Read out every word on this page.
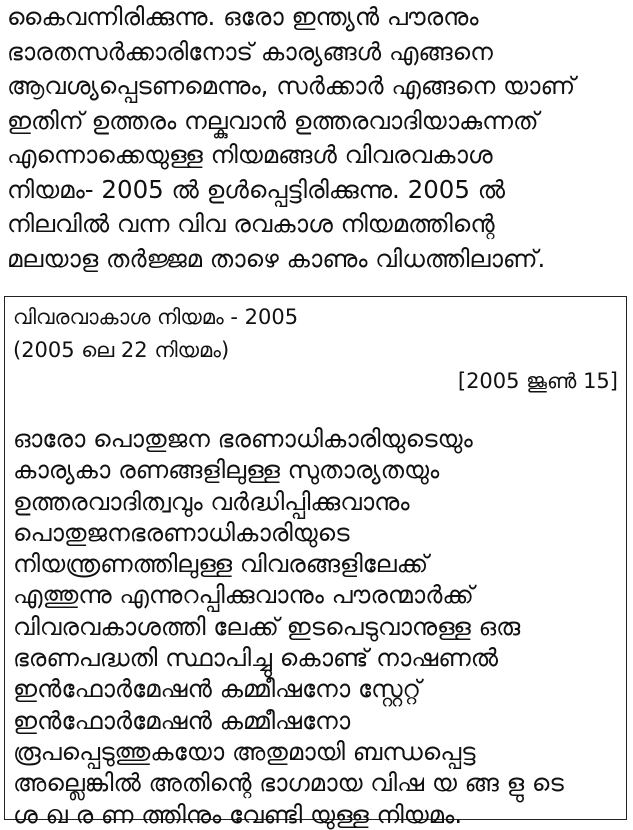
കൈവന്നിരിക്കുന്നു. ഒരോ ഇന്ത്യൻ പൗരനും
ഭാരതസർക്കാരിനോട് കാര്യങ്ങൾ എങ്ങനെ
ആവശ്യപ്പെടണമെന്നും, സർക്കാർ എങ്ങനെ യാണ്
ഇതിന് ഉത്തരം നല്കുവാൻ ഉത്തരവാദിയാകുന്നത്
എന്നൊക്കെയുള്ള നിയമങ്ങൾ വിവരവകാശ
നിയമം- 2005 ൽ ഉൾപ്പെട്ടിരിക്കുന്നു. 2005 ൽ
നിലവിൽ വന്ന വിവ രവകാശ നിയമത്തിന്റെ
മലയാള തർജ്ജമ താഴെ കാണും വിധത്തിലാണ്.
വിവരവാകാശ നിയമം - 2005
(2005 ലെ 22 നിയമം)
[2005 ജൂൺ 15]
ഓരോ പൊതുജന ഭരണാധികാരിയുടെയും
കാര്യകാ രണങ്ങളിലുള്ള സുതാര്യതയും
ഉത്തരവാദിത്വവും വർദ്ധിപ്പിക്കുവാനും
പൊതുജനഭരണാധികാരിയുടെ
നിയന്ത്രണത്തിലുള്ള വിവരങ്ങളിലേക്ക്
എത്തുന്നു എന്നുറപ്പിക്കുവാനും പൗരന്മാർക്ക്
വിവരവകാശത്തി ലേക്ക് ഇടപെടുവാനുള്ള ഒരു
ഭരണപദ്ധതി സ്ഥാപിച്ചു കൊണ്ട് നാഷണൽ
ഇൻഫോർമേഷൻ കമ്മീഷനോ സ്റ്റേറ്റ്
ഇൻഫോർമേഷൻ കമ്മീഷനോ
രൂപപ്പെടുത്തുകയോ അതുമായി ബന്ധപ്പെട്ട
അല്ലെങ്കിൽ അതിന്റെ ഭാഗമായ വിഷ യ ങ്ങ ളു ടെ
ശ ഖ ര ണ ത്തിനും വേണ്ടി യുള്ള നിയമം.
